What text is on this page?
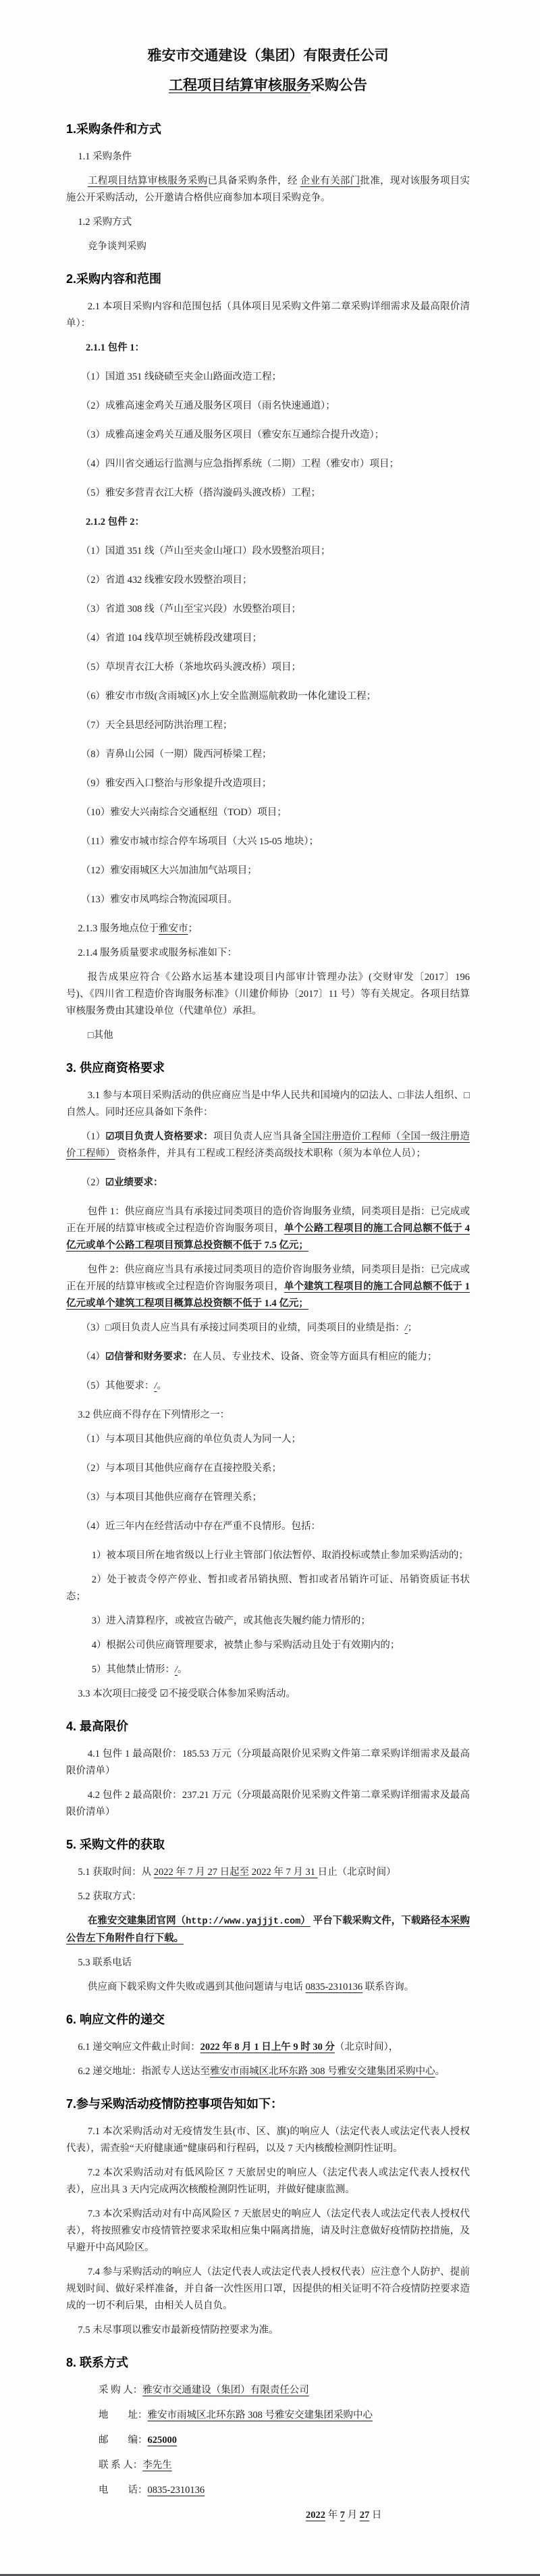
雅安市交通建设（集团）有限责任公司
工程项目结算审核服务采购公告
1.采购条件和方式
1.1 采购条件
工程项目结算审核服务采购已具备采购条件，经 企业有关部门批准，现对该服务项目实施公开采购活动，公开邀请合格供应商参加本项目采购竞争。
1.2 采购方式
竞争谈判采购
2.采购内容和范围
2.1 本项目采购内容和范围包括（具体项目见采购文件第二章采购详细需求及最高限价清单）：
2.1.1 包件 1：
（1）国道 351 线硗碛至夹金山路面改造工程；
（2）成雅高速金鸡关互通及服务区项目（雨名快速通道）；
（3）成雅高速金鸡关互通及服务区项目（雅安东互通综合提升改造）；
（4）四川省交通运行监测与应急指挥系统（二期）工程（雅安市）项目；
（5）雅安多营青衣江大桥（搭沟漩码头渡改桥）工程；
2.1.2 包件 2：
（1）国道 351 线（芦山至夹金山垭口）段水毁整治项目；
（2）省道 432 线雅安段水毁整治项目；
（3）省道 308 线（芦山至宝兴段）水毁整治项目；
（4）省道 104 线草坝至姚桥段改建项目；
（5）草坝青衣江大桥（茶地坎码头渡改桥）项目；
（6）雅安市市级(含雨城区)水上安全监测巡航救助一体化建设工程；
（7）天全县思经河防洪治理工程；
（8）青鼻山公园（一期）陇西河桥梁工程；
（9）雅安西入口整治与形象提升改造项目；
（10）雅安大兴南综合交通枢纽（TOD）项目；
（11）雅安市城市综合停车场项目（大兴 15-05 地块）；
（12）雅安雨城区大兴加油加气站项目；
（13）雅安市凤鸣综合物流园项目。
2.1.3 服务地点位于雅安市；
2.1.4 服务质量要求或服务标准如下：
报告成果应符合《公路水运基本建设项目内部审计管理办法》(交财审发〔2017〕196 号)、《四川省工程造价咨询服务标准》（川建价师协〔2017〕11 号）等有关规定。各项目结算审核服务费由其建设单位（代建单位）承担。
□其他
3. 供应商资格要求
3.1 参与本项目采购活动的供应商应当是中华人民共和国境内的☑法人、□非法人组织、□自然人。同时还应具备如下条件：
（1）☑项目负责人资格要求：项目负责人应当具备全国注册造价工程师（全国一级注册造价工程师） 资格条件，并具有工程或工程经济类高级技术职称（须为本单位人员）；
（2）☑业绩要求：
包件 1：供应商应当具有承接过同类项目的造价咨询服务业绩，同类项目是指：已完成或正在开展的结算审核或全过程造价咨询服务项目，单个公路工程项目的施工合同总额不低于 4 亿元或单个公路工程项目预算总投资额不低于 7.5 亿元；
包件 2：供应商应当具有承接过同类项目的造价咨询服务业绩，同类项目是指：已完成或正在开展的结算审核或全过程造价咨询服务项目，单个建筑工程项目的施工合同总额不低于 1 亿元或单个建筑工程项目概算总投资额不低于 1.4 亿元；
（3）□项目负责人应当具有承接过同类项目的业绩，同类项目的业绩是指：/；
（4）☑信誉和财务要求：在人员、专业技术、设备、资金等方面具有相应的能力；
（5）其他要求：/。
3.2 供应商不得存在下列情形之一：
（1）与本项目其他供应商的单位负责人为同一人；
（2）与本项目其他供应商存在直接控股关系；
（3）与本项目其他供应商存在管理关系；
（4）近三年内在经营活动中存在严重不良情形。包括：
1）被本项目所在地省级以上行业主管部门依法暂停、取消投标或禁止参加采购活动的；
2）处于被责令停产停业、暂扣或者吊销执照、暂扣或者吊销许可证、吊销资质证书状态；
3）进入清算程序，或被宣告破产，或其他丧失履约能力情形的；
4）根据公司供应商管理要求，被禁止参与采购活动且处于有效期内的；
5）其他禁止情形：/。
3.3 本次项目□接受 ☑不接受联合体参加采购活动。
4. 最高限价
4.1 包件 1 最高限价：185.53 万元（分项最高限价见采购文件第二章采购详细需求及最高限价清单）
4.2 包件 2 最高限价：237.21 万元（分项最高限价见采购文件第二章采购详细需求及最高限价清单）
5. 采购文件的获取
5.1 获取时间：从 2022 年 7 月 27 日起至 2022 年 7 月 31 日止（北京时间）
5.2 获取方式：
在雅安交建集团官网（http://www.yajjjt.com） 平台下载采购文件，下载路径本采购公告左下角附件自行下载。
5.3 联系电话
供应商下载采购文件失败或遇到其他问题请与电话 0835-2310136 联系咨询。
6. 响应文件的递交
6.1 递交响应文件截止时间：2022 年 8 月 1 日上午 9 时 30 分（北京时间），
6.2 递交地址：指派专人送达至雅安市雨城区北环东路 308 号雅安交建集团采购中心。
7.参与采购活动疫情防控事项告知如下：
7.1 本次采购活动对无疫情发生县(市、区、旗)的响应人（法定代表人或法定代表人授权代表），需查验“天府健康通”健康码和行程码，以及 7 天内核酸检测阴性证明。
7.2 本次采购活动对有低风险区 7 天旅居史的响应人（法定代表人或法定代表人授权代表），应出具 3 天内完成两次核酸检测阴性证明，并做好健康监测。
7.3 本次采购活动对有中高风险区 7 天旅居史的响应人（法定代表人或法定代表人授权代表），将按照雅安市疫情管控要求采取相应集中隔离措施，请及时注意做好疫情防控措施，及早避开中高风险区。
7.4 参与采购活动的响应人（法定代表人或法定代表人授权代表）应注意个人防护、提前规划时间、做好采样准备，并自备一次性医用口罩，因提供的相关证明不符合疫情防控要求造成的一切不利后果，由相关人员自负。
7.5 未尽事项以雅安市最新疫情防控要求为准。
8. 联系方式
采 购 人：雅安市交通建设（集团）有限责任公司
地　　址：雅安市雨城区北环东路 308 号雅安交建集团采购中心
邮　　编：625000
联 系 人：李先生
电　　话：0835-2310136
2022 年 7 月 27 日
